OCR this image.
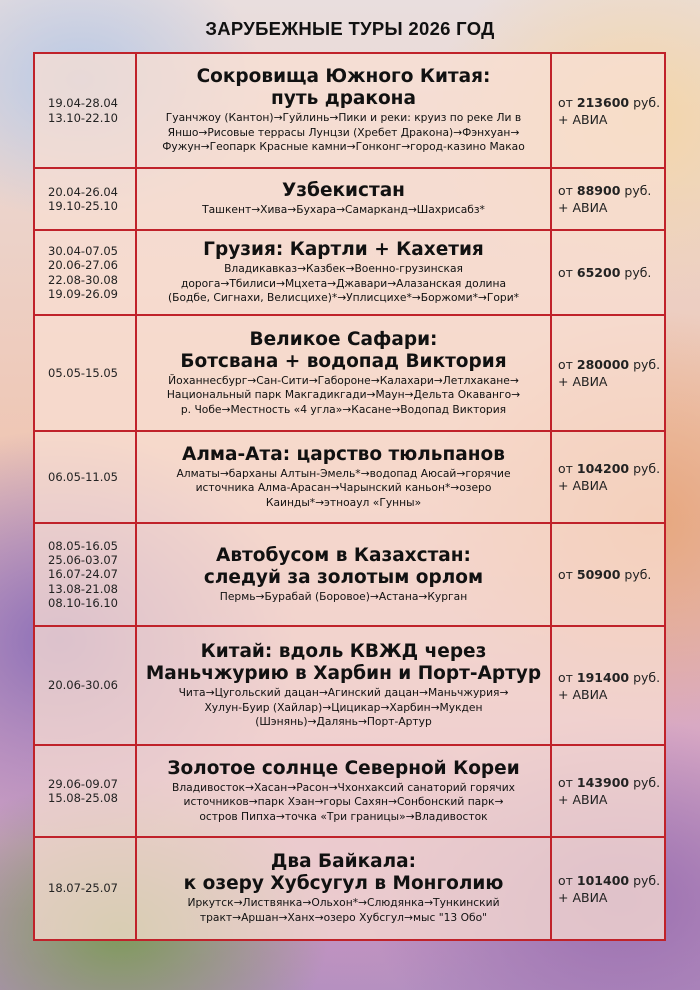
ЗАРУБЕЖНЫЕ ТУРЫ 2026 ГОД
19.04-28.04
13.10-22.10
Сокровища Южного Китая:
путь дракона
Гуанчжоу (Кантон)→Гуйлинь→Пики и реки: круиз по реке Ли в
Яншо→Рисовые террасы Лунцзи (Хребет Дракона)→Фэнхуан→
Фужун→Геопарк Красные камни→Гонконг→город-казино Макао
от 213600 руб.
+ АВИА
20.04-26.04
19.10-25.10
Узбекистан
Ташкент→Хива→Бухара→Самарканд→Шахрисабз*
от 88900 руб.
+ АВИА
30.04-07.05
20.06-27.06
22.08-30.08
19.09-26.09
Грузия: Картли + Кахетия
Владикавказ→Казбек→Военно-грузинская
дорога→Тбилиси→Мцхета→Джавари→Алазанская долина
(Бодбе, Сигнахи, Велисцихе)*→Уплисцихе*→Боржоми*→Гори*
от 65200 руб.
05.05-15.05
Великое Сафари:
Ботсвана + водопад Виктория
Йоханнесбург→Сан-Сити→Габороне→Калахари→Летлхакане→
Национальный парк Макгадикгади→Маун→Дельта Окаванго→
р. Чобе→Местность «4 угла»→Касане→Водопад Виктория
от 280000 руб.
+ АВИА
06.05-11.05
Алма-Ата: царство тюльпанов
Алматы→барханы Алтын-Эмель*→водопад Аюсай→горячие
источника Алма-Арасан→Чарынский каньон*→озеро
Каинды*→этноаул «Гунны»
от 104200 руб.
+ АВИА
08.05-16.05
25.06-03.07
16.07-24.07
13.08-21.08
08.10-16.10
Автобусом в Казахстан:
следуй за золотым орлом
Пермь→Бурабай (Боровое)→Астана→Курган
от 50900 руб.
20.06-30.06
Китай: вдоль КВЖД через
Маньчжурию в Харбин и Порт-Артур
Чита→Цугольский дацан→Агинский дацан→Маньчжурия→
Хулун-Буир (Хайлар)→Цицикар→Харбин→Мукден
(Шэнянь)→Далянь→Порт-Артур
от 191400 руб.
+ АВИА
29.06-09.07
15.08-25.08
Золотое солнце Северной Кореи
Владивосток→Хасан→Расон→Чхонхаксий санаторий горячих
источников→парк Хэан→горы Сахян→Сонбонский парк→
остров Пипха→точка «Три границы»→Владивосток
от 143900 руб.
+ АВИА
18.07-25.07
Два Байкала:
к озеру Хубсугул в Монголию
Иркутск→Листвянка→Ольхон*→Слюдянка→Тункинский
тракт→Аршан→Ханх→озеро Хубсгул→мыс "13 Обо"
от 101400 руб.
+ АВИА
